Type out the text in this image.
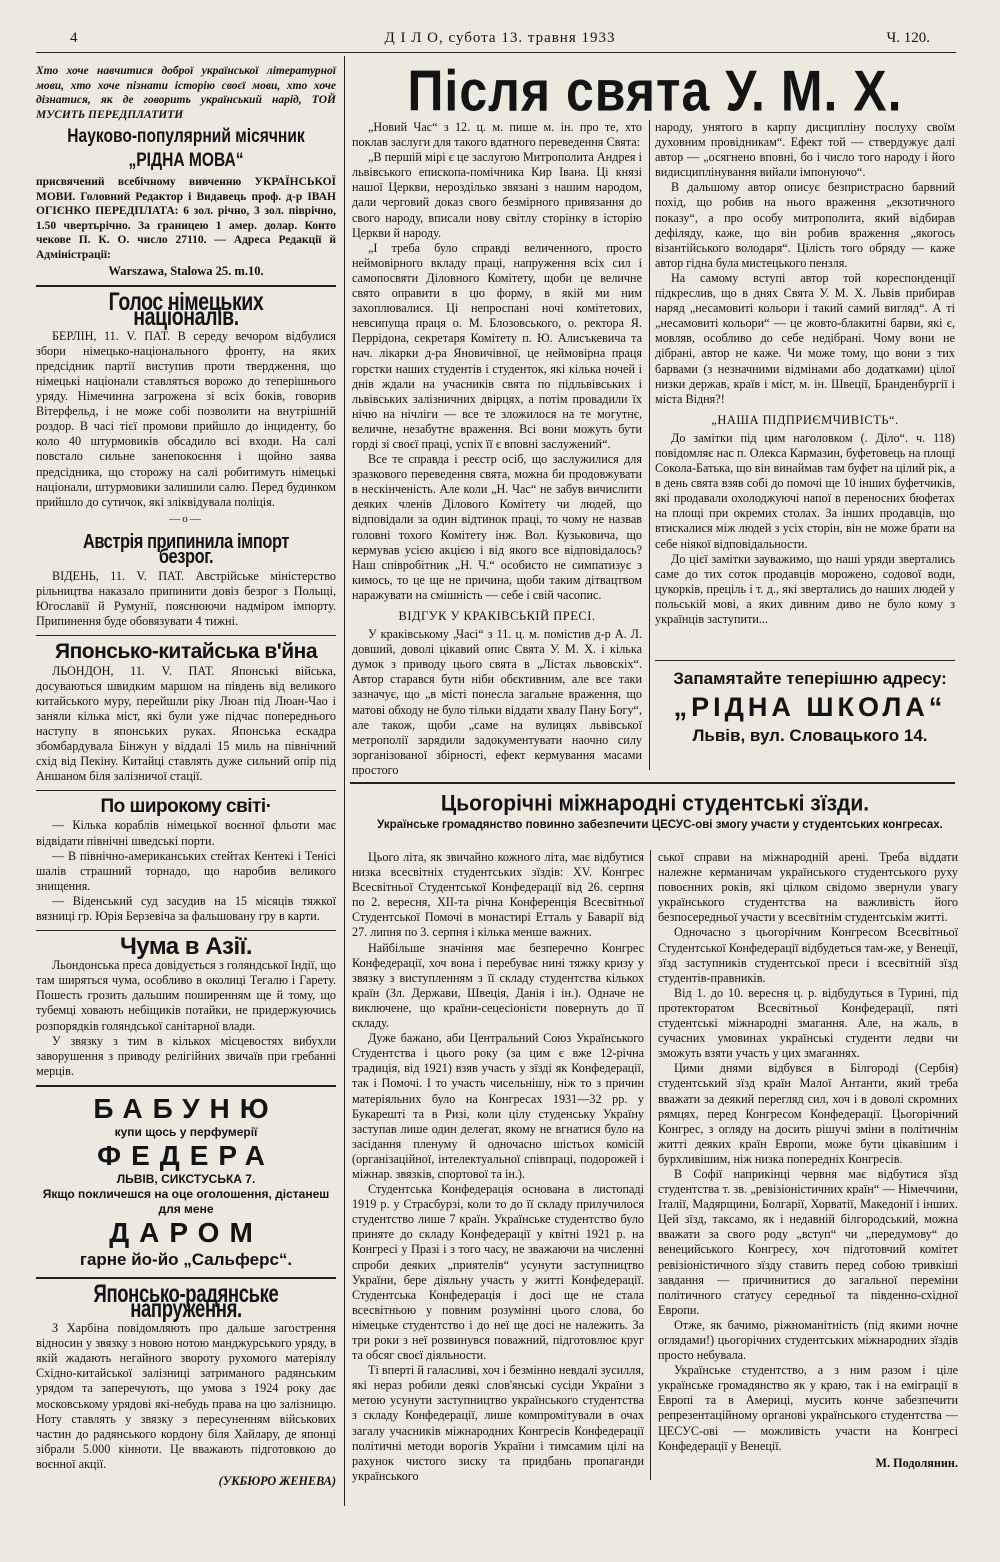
4	Д І Л О, субота 13. травня 1933	Ч. 120.
Хто хоче навчитися доброї української літературної мови, хто хоче пізнати історію своєї мови, хто хоче дізнатися, як де говорить український нарід, ТОЙ МУСИТЬ ПЕРЕДПЛАТИТИ
Науково-популярний місячник „РІДНА МОВА“
присвячений всебічному вивченню УКРАЇНСЬКОЇ МОВИ. Головний Редактор і Видавець проф. д-р ІВАН ОГІЄНКО ПЕРЕДПЛАТА: 6 зол. річно, 3 зол. піврічно, 1.50 чвертьрічно. За границею 1 амер. долар. Конто чекове П. К. О. число 27110. — Адреса Редакції й Адміністрації:
Warszawa, Stalowa 25. m.10.
Голос німецьких націоналів.

БЕРЛІН, 11. V. ПАТ. В середу вечором відбулися збори німецько-національного фронту, на яких предсідник партії виступив проти твердження, що німецькі націонали ставляться ворожо до теперішнього уряду. Німечинна загрожена зі всіх боків, говорив Вітерфельд, і не може собі позволити на внутрішній роздор. В часі тієї промови прийшло до інциденту, бо коло 40 штурмовиків обсадило всі входи. На салі повстало сильне занепокоєння і щойно заява предсідника, що сторожу на салі робитимуть німецькі націонали, штурмовики залишили салю. Перед будинком прийшло до сутичок, які зліквідувала поліція.

—о—
Австрія припинила імпорт безрог.

ВІДЕНЬ, 11. V. ПАТ. Австрійське міністерство рільництва наказало припинити довіз безрог з Польщі, Югославії й Румунії, пояснюючи надміром імпорту. Припинення буде обовязувати 4 тижні.

Японсько-китайська в'йна

ЛЬОНДОН, 11. V. ПАТ. Японські війська, досуваються швидким маршом на південь від великого китайського муру, перейшли ріку Люан під Люан-Чао і заняли кілька міст, які були уже підчас попереднього наступу в японських руках. Японська ескадра збомбардувала Бінжун у віддалі 15 миль на північний схід від Пекіну. Китайці ставлять дуже сильний опір під Аншаном біля залізничої стації.

По широкому світі·

— Кілька кораблів німецької воєнної фльоти має відвідати північні шведські порти.

— В північно-американських стейтах Кентекі і Тенісі шалів страшний торнадо, що наробив великого знищення.

— Віденський суд засудив на 15 місяців тяжкої вязниці гр. Юрія Берзевіча за фальшовану гру в карти.

Чума в Азії.

Льондонська преса довідується з голяндської Індії, що там ширяться чума, особливо в околиці Тегалю і Гарету. Пошесть грозить дальшим поширенням ще й тому, що тубемці ховають небіщиків потайки, не придержуючись розпорядків голяндської санітарної влади.

У звязку з тим в кількох місцевостях вибухли заворушення з приводу релігійних звичаїв при гребанні мерців.

БАБУНЮ
купи щось у перфумерії
ФЕДЕРА
ЛЬВІВ, СИКСТУСЬКА 7.
Якщо покличешся на оце оголошення, дістанеш для мене
ДАРОМ
гарне йо-йо „Сальферс“.
Японсько-радянське напруження.

З Харбіна повідомляють про дальше загострення відносин у звязку з новою нотою манджурського уряду, в якій жадають негайного звороту рухомого матеріялу Східно-китайської залізниці затриманого радянським урядом та заперечують, що умова з 1924 року дає московському урядові які-небудь права на цю залізницю. Ноту ставлять у звязку з пересуненням військових частин до радянського кордону біля Хайлару, де японці зібрали 5.000 кінноти. Це вважають підготовкою до воєнної акції.

(УКБЮРО ЖЕНЕВА)
Після свята У. М. Х.

„Новий Час“ з 12. ц. м. пише м. ін. про те, хто поклав заслуги для такого вдатного переведення Свята:

„В першій мірі є це заслугою Митрополита Андрея і львівського епископа-помічника Кир Івана. Ці князі нашої Церкви, нерозділько звязані з нашим народом, дали черговий доказ свого безмірного привязання до свого народу, вписали нову світлу сторінку в історію Церкви й народу.

„І треба було справді величенного, просто неймовірного вкладу праці, напруження всіх сил і самопосвяти Діловного Комітету, щоби це величне свято оправити в цю форму, в якій ми ним захоплювалися. Ці непроспані ночі комітетових, невсипуща праця о. М. Блозовського, о. ректора Я. Перрідона, секретаря Комітету п. Ю. Алисъкевича та нач. лікарки д-ра Яновичівної, це неймовірна праця горстки наших студентів і студенток, які кілька ночей і днів ждали на учасників свята по підльвівських і львівських залізничних двірцях, а потім провадили їх нічю на нічліги — все те зложилося на те могутнє, величне, незабутнє враження. Всі вони можуть бути горді зі своєї праці, успіх її є вповні заслужений“.

Все те справда і реєстр осіб, що заслужилися для зразкового переведення свята, можна би продовжувати в нескінченість. Але коли „Н. Час“ не забув вичислити деяких членів Ділового Комітету чи людей, що відповідали за один відтинок праці, то чому не назвав головні тохого Комітету інж. Вол. Кузьковича, що кермував усією акцією і від якого все відповідалось? Наш співробітник „Н. Ч.“ особисто не симпатизує з кимось, то це ще не причина, щоби таким дітвацтвом наражувати на смішність — себе і свій часопис.

ВІДГУК У КРАКІВСЬКІЙ ПРЕСІ.

У краківському „Часі“ з 11. ц. м. помістив д-р А. Л. довший, доволі цікавий опис Свята У. М. Х. і кілька думок з приводу цього свята в „Лістах львовскіх“. Автор старався бути ніби обєктивним, але все таки зазначує, що „в місті понесла загальне враження, що матові обходу не було тільки віддати хвалу Пану Богу“, але також, щоби „саме на вулицях львівської метрополії зарядили задокументувати наочно силу зорганізованої збірності, ефект кермування масами простого

народу, унятого в карпу дисципліну послуху своїм духовним провідникам“. Ефект той — ствердужує далі автор — „осягнено вповні, бо і число того народу і його видисциплінування вийали імпонуючо“.

В дальшому автор описує безпристрасно барвний похід, що робив на нього враження „екзотичного показу“, а про особу митрополита, який відбирав дефіляду, каже, що він робив враження „якогось візантійського володаря“. Цілість того обряду — каже автор гідна була мистецького пензля.

На самому вступі автор той кореспонденції підкреслив, що в днях Свята У. М. Х. Львів прибирав наряд „несамовиті кольори і такий самий вигляд“. А ті „несамовиті кольори“ — це жовто-блакитні барви, які є, мовляв, особливо до себе недібрані. Чому вони не дібрані, автор не каже. Чи може тому, що вони з тих барвами (з незначними відмінами або додатками) цілої низки держав, країв і міст, м. ін. Швеції, Бранденбургії і міста Відня?!

„НАША ПІДПРИЄМЧИВІСТЬ“.

До замітки під цим наголовком (. Діло“. ч. 118) повідомляє нас п. Олекса Кармазин, буфетовець на площі Сокола-Батька, що він винаймав там буфет на цілий рік, а в день свята взяв собі до помочі ще 10 інших буфетчиків, які продавали охолоджуючі напої в переносних бюфетах на площі при окремих столах. За інших продавців, що втискалися між людей з усіх сторін, він не може брати на себе ніякої відповідальности.

До цієї замітки зауважимо, що наші уряди звертались саме до тих соток продавців морожено, содової води, цукорків, преціль і т. д., які звертались до наших людей у польській мові, а яких дивним диво не було кому з українців заступити...

Запамятайте теперішню адресу:
„РІДНА ШКОЛА“
Львів, вул. Словацького 14.
Цьогорічні міжнародні студентські зїзди.
Українське громадянство повинно забезпечити ЦЕСУС-ові змогу участи у студентських конгресах.

Цього літа, як звичайно кожного літа, має відбутися низка всесвітніх студентських зїздів: XV. Конгрес Всесвітньої Студентської Конфедерації від 26. серпня по 2. вересня, XII-та річна Конференція Всесвітньої Студентської Помочі в монастирі Етталь у Баварії від 27. липня по 3. серпня і кілька менше важних.

Найбільше значіння має безперечно Конгрес Конфедерації, хоч вона і перебуває нині тяжку кризу у звязку з виступленням з її складу студентства кількох країн (Зл. Держави, Швеція, Данія і ін.). Одначе не виключене, що країни-сецесіоністи повернуть до її складу.

Дуже бажано, аби Центральний Союз Українського Студентства і цього року (за цим є вже 12-річна традиція, від 1921) взяв участь у зїзді як Конфедерації, так і Помочі. І то участь чисельнішу, ніж то з причин матеріяльних було на Конгресах 1931—32 рр. у Букарешті та в Ризі, коли цілу студенську Україну заступав лише один делегат, якому не вгнатися було на засідання пленуму й одночасно шістьох комісій (організаційної, інтелектуальної співпраці, подорожей і міжнар. звязків, спортової та ін.).

Студентська Конфедерація основана в листопаді 1919 р. у Страсбурзі, коли то до її складу прилучилося студентство лише 7 країн. Українське студентство було приняте до складу Конфедерації у квітні 1921 р. на Конгресі у Празі і з того часу, не зважаючи на численні спроби деяких „приятелів“ усунути заступництво України, бере діяльну участь у житті Конфедерації. Студентська Конфедерація і досі ще не стала всесвітньою у повним розумінні цього слова, бо німецьке студентство і до неї ще досі не належить. За три роки з неї розвинувся поважний, підготовлює круг та обсяг своєї діяльности.

Ті вперті й галасливі, хоч і безмінно невдалі зусилля, які нераз робили деякі слов'янські сусіди України з метою усунути заступництво українського студентства з складу Конфедерації, лише компромітували в очах загалу учасників міжнародних Конгресів Конфедерації політичні методи ворогів України і тимсамим цілі на рахунок чистого зиску та придбань пропаганди українського

ської справи на міжнародній арені. Треба віддати належне керманичам українського студентського руху повоєнних років, які цілком свідомо звернули увагу українського студентства на важливість його безпосередньої участи у всесвітнім студентськім житті.

Одночасно з цьогорічним Конгресом Всесвітньої Студентської Конфедерації відбудеться там-же, у Венеції, зїзд заступників студентської преси і всесвітній зїзд студентів-правників.

Від 1. до 10. вересня ц. р. відбудуться в Турині, під протекторатом Всесвітньої Конфедерації, пяті студентські міжнародні змагання. Але, на жаль, в сучасних умовинах українські студенти ледви чи зможуть взяти участь у цих змаганнях.

Цими днями відбувся в Білгороді (Сербія) студентський зїзд країн Малої Антанти, який треба вважати за деякий перегляд сил, хоч і в доволі скромних рямцях, перед Конгресом Конфедерації. Цьогорічний Конгрес, з огляду на досить рішучі зміни в політичнім житті деяких країн Европи, може бути цікавішим і бурхливішим, ніж низка попередніх Конгресів.

В Софії наприкінці червня має відбутися зїзд студентства т. зв. „ревізіоністичних країн“ — Німеччини, Італії, Мадярщини, Болгарії, Хорватії, Македонії і інших. Цей зїзд, таксамо, як і недавній білгородський, можна вважати за свого роду „вступ“ чи „передумову“ до венецийського Конгресу, хоч підготовчий комітет ревізіоністичного зїзду ставить перед собою тривкіші завдання — причинитися до загальної переміни політичного статусу середньої та південно-східної Европи.

Отже, як бачимо, ріжноманітність (під якими ночне оглядами!) цьогорічних студентських міжнародних зїздів просто небувала.

Українське студентство, а з ним разом і ціле українське громадянство як у краю, так і на еміграції в Европі та в Америці, мусить конче забезпечити репрезентаційному органові українського студентства — ЦЕСУС-ові — можливість участи на Конгресі Конфедерації у Венеції.

М. Подолянин.
